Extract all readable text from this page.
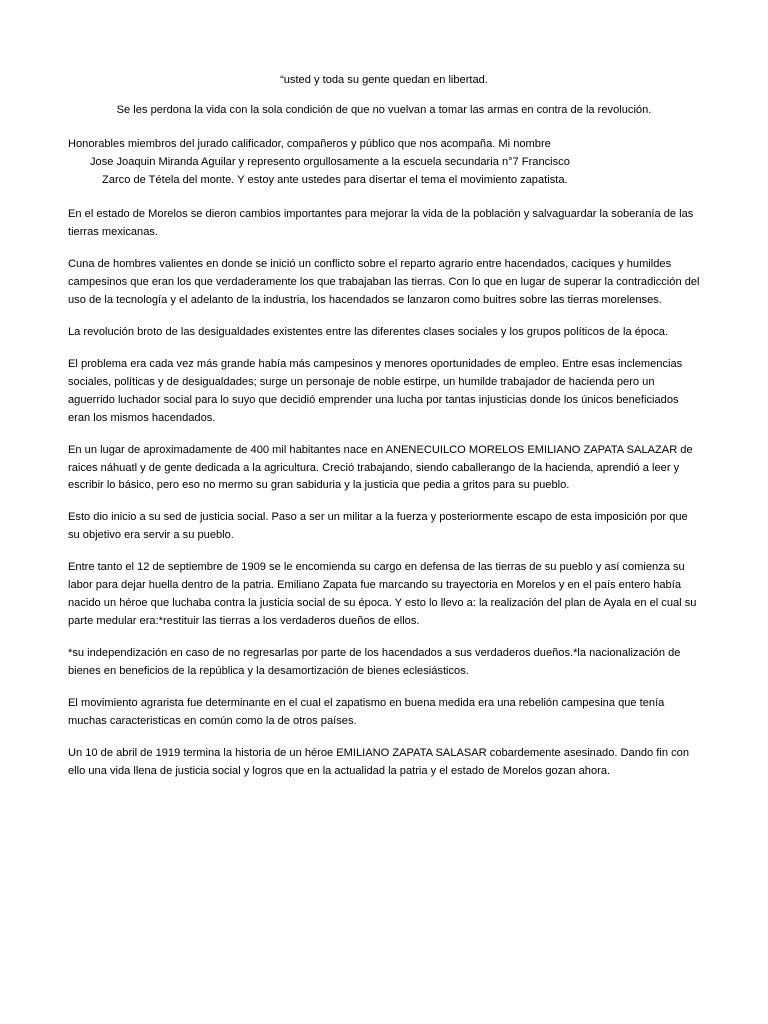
“usted y toda su gente quedan en libertad.

Se les perdona la vida con la sola condición de que no vuelvan a tomar las armas en contra de la revolución.

Honorables miembros del jurado calificador, compañeros y público que nos acompaña. Mi nombre
Jose Joaquin Miranda Aguilar y represento orgullosamente a la escuela secundaria n°7 Francisco
Zarco de Tétela del monte. Y estoy ante ustedes para disertar el tema el movimiento zapatista.

En el estado de Morelos se dieron cambios importantes para mejorar la vida de la población y salvaguardar la soberanía de las tierras mexicanas.

Cuna de hombres valientes en donde se inició un conflicto sobre el reparto agrario entre hacendados, caciques y humildes campesinos que eran los que verdaderamente los que trabajaban las tierras. Con lo que en lugar de superar la contradicción del uso de la tecnología y el adelanto de la industria, los hacendados se lanzaron como buitres sobre las tierras morelenses.

La revolución broto de las desigualdades existentes entre las diferentes clases sociales y los grupos políticos de la época.

El problema era cada vez más grande había más campesinos y menores oportunidades de empleo. Entre esas inclemencias sociales, políticas y de desigualdades; surge un personaje de noble estirpe, un humilde trabajador de hacienda pero un aguerrido luchador social para lo suyo que decidió emprender una lucha por tantas injusticias donde los únicos beneficiados eran los mismos hacendados.

En un lugar de aproximadamente de 400 mil habitantes nace en ANENECUILCO MORELOS EMILIANO ZAPATA SALAZAR de raices náhuatl y de gente dedicada a la agricultura. Creció trabajando, siendo caballerango de la hacienda, aprendió a leer y escribir lo básico, pero eso no mermo su gran sabiduria y la justicia que pedia a gritos para su pueblo.

Esto dio inicio a su sed de justicia social. Paso a ser un militar a la fuerza y posteriormente escapo de esta imposición por que su objetivo era servir a su pueblo.

Entre tanto el 12 de septiembre de 1909 se le encomienda su cargo en defensa de las tierras de su pueblo y así comienza su labor para dejar huella dentro de la patria. Emiliano Zapata fue marcando su trayectoria en Morelos y en el país entero había nacido un héroe que luchaba contra la justicia social de su época. Y esto lo llevo a: la realización del plan de Ayala en el cual su parte medular era:*restituir las tierras a los verdaderos dueños de ellos.

*su independización en caso de no regresarlas por parte de los hacendados a sus verdaderos dueños.*la nacionalización de bienes en beneficios de la república y la desamortización de bienes eclesiásticos.

El movimiento agrarista fue determinante en el cual el zapatismo en buena medida era una rebelión campesina que tenía muchas caracteristicas en común como la de otros países.

Un 10 de abril de 1919 termina la historia de un héroe EMILIANO ZAPATA SALASAR cobardemente asesinado. Dando fin con ello una vida llena de justicia social y logros que en la actualidad la patria y el estado de Morelos gozan ahora.
